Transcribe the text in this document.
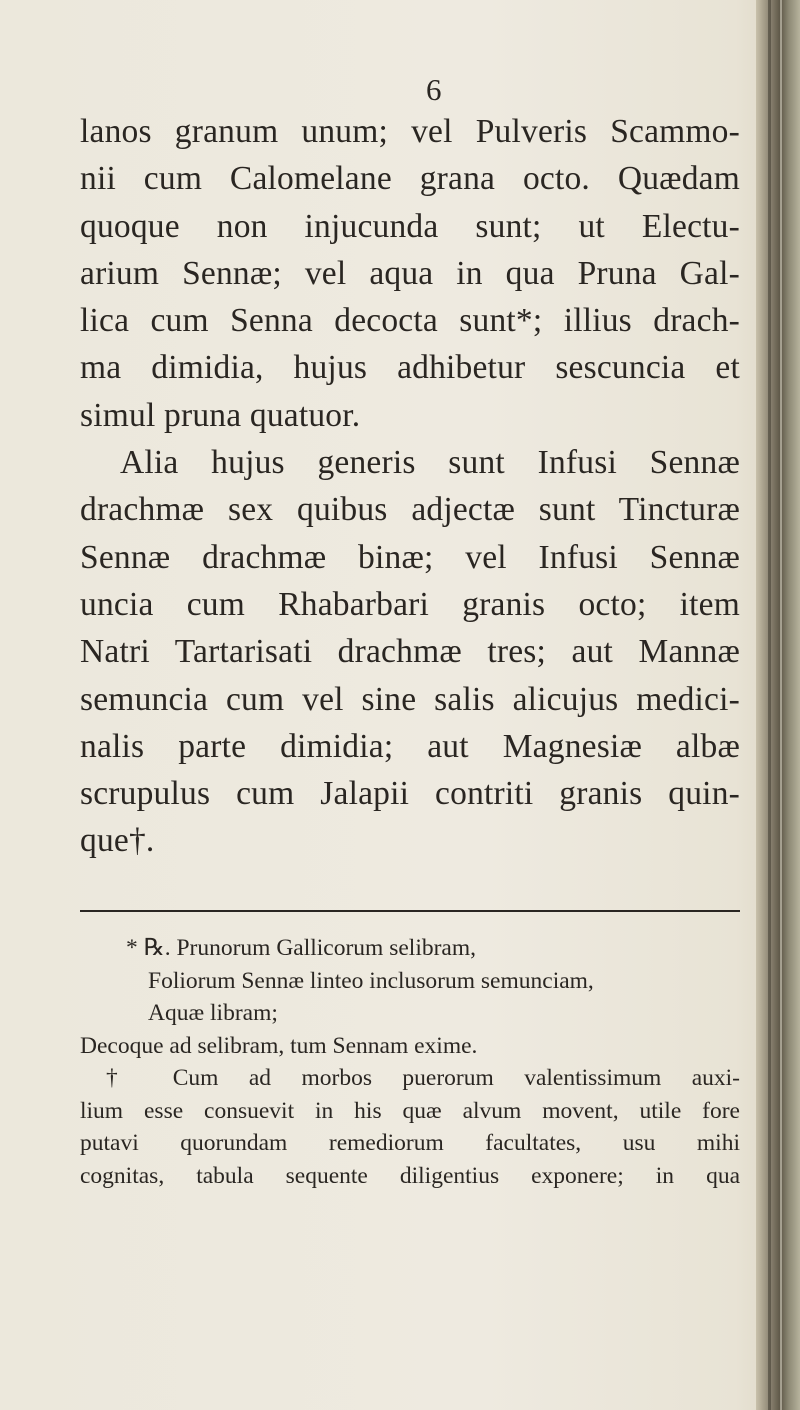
6

lanos granum unum; vel Pulveris Scammo-
nii cum Calomelane grana octo. Quædam
quoque non injucunda sunt; ut Electu-
arium Sennæ; vel aqua in qua Pruna Gal-
lica cum Senna decocta sunt*; illius drach-
ma dimidia, hujus adhibetur sescuncia et
simul pruna quatuor.
Alia hujus generis sunt Infusi Sennæ
drachmæ sex quibus adjectæ sunt Tincturæ
Sennæ drachmæ binæ; vel Infusi Sennæ
uncia cum Rhabarbari granis octo; item
Natri Tartarisati drachmæ tres; aut Mannæ
semuncia cum vel sine salis alicujus medici-
nalis parte dimidia; aut Magnesiæ albæ
scrupulus cum Jalapii contriti granis quin-
que†.

* ℞. Prunorum Gallicorum selibram,
Foliorum Sennæ linteo inclusorum semunciam,
Aquæ libram;
Decoque ad selibram, tum Sennam exime.
† Cum ad morbos puerorum valentissimum auxi-
lium esse consuevit in his quæ alvum movent, utile fore
putavi quorundam remediorum facultates, usu mihi
cognitas, tabula sequente diligentius exponere; in qua
